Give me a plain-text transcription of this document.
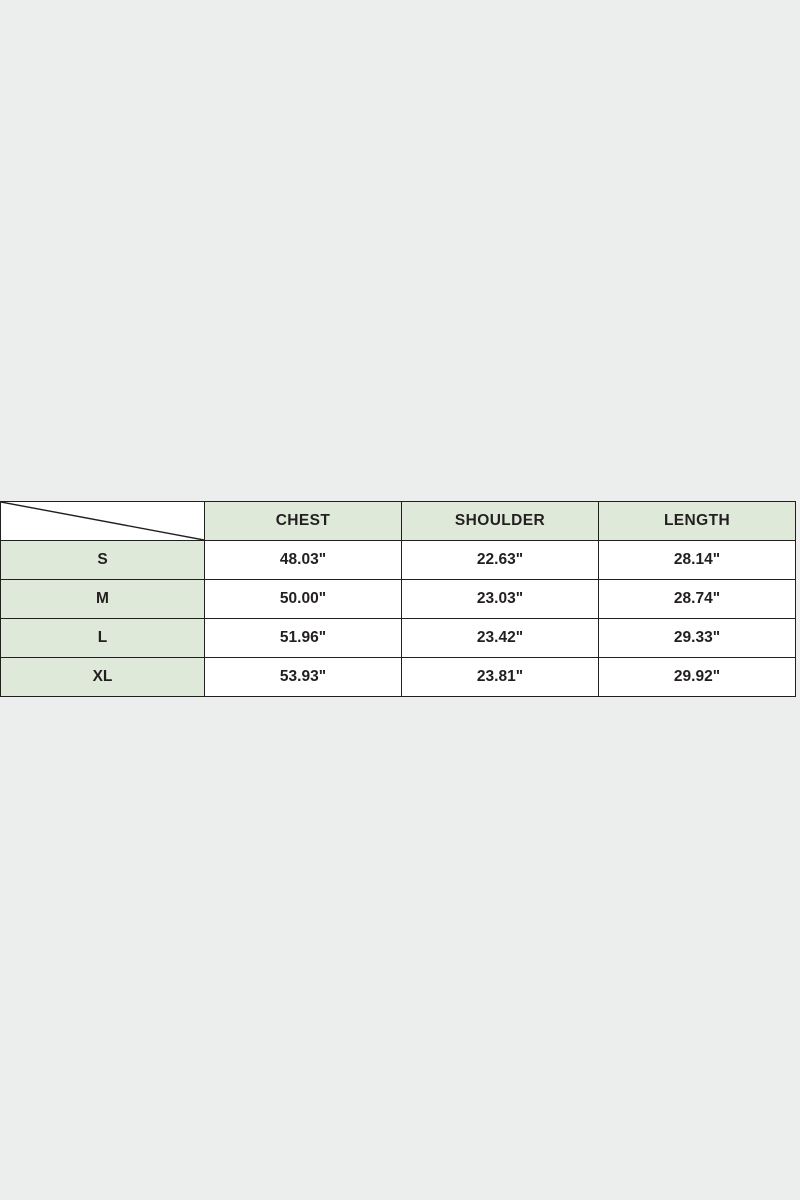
	CHEST	SHOULDER	LENGTH
S	48.03"	22.63"	28.14"
M	50.00"	23.03"	28.74"
L	51.96"	23.42"	29.33"
XL	53.93"	23.81"	29.92"
